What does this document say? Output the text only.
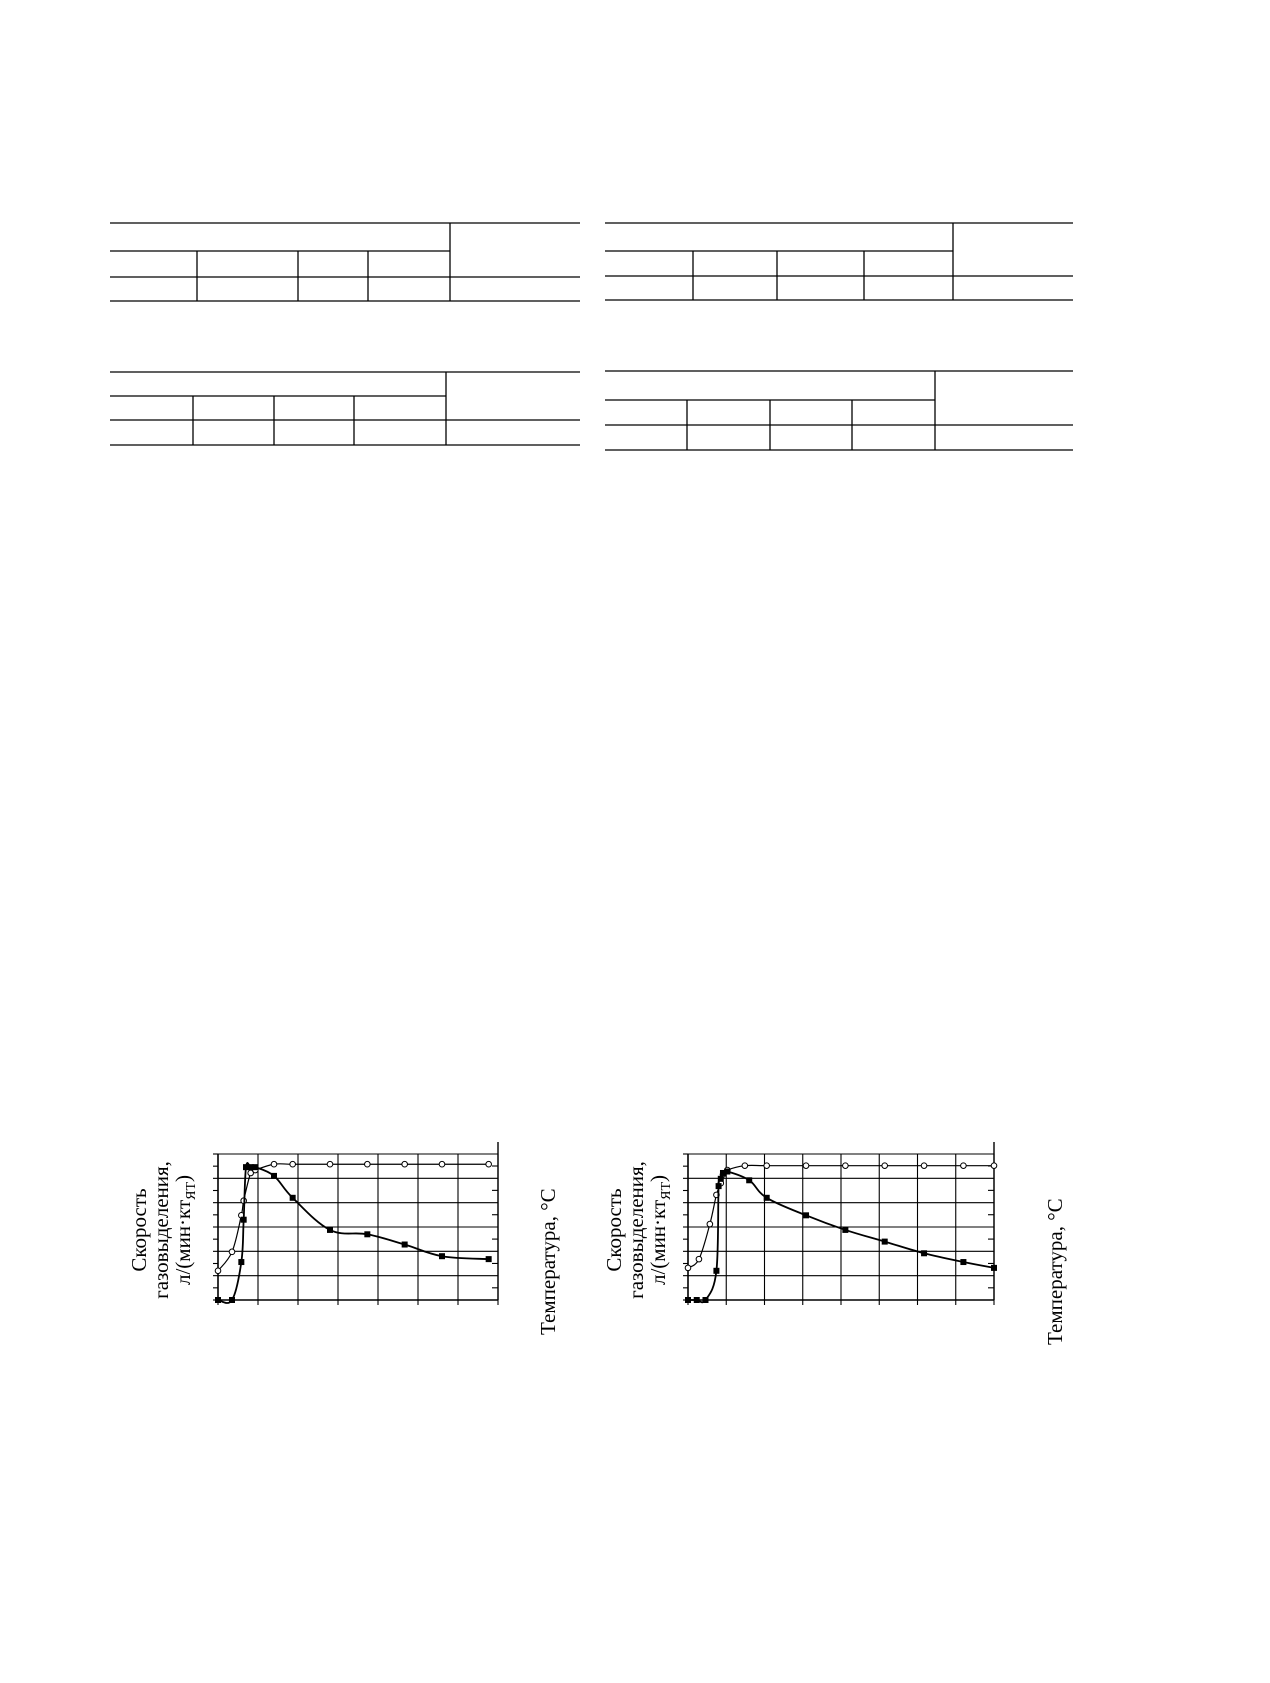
Скорость
газовыделения,
$л/(мин\cdot кт_{ЯТ})$
Температура, °С Скорость
газовыделения,
$л/(мин\cdot кт_{ЯТ})$
Температура, °С
